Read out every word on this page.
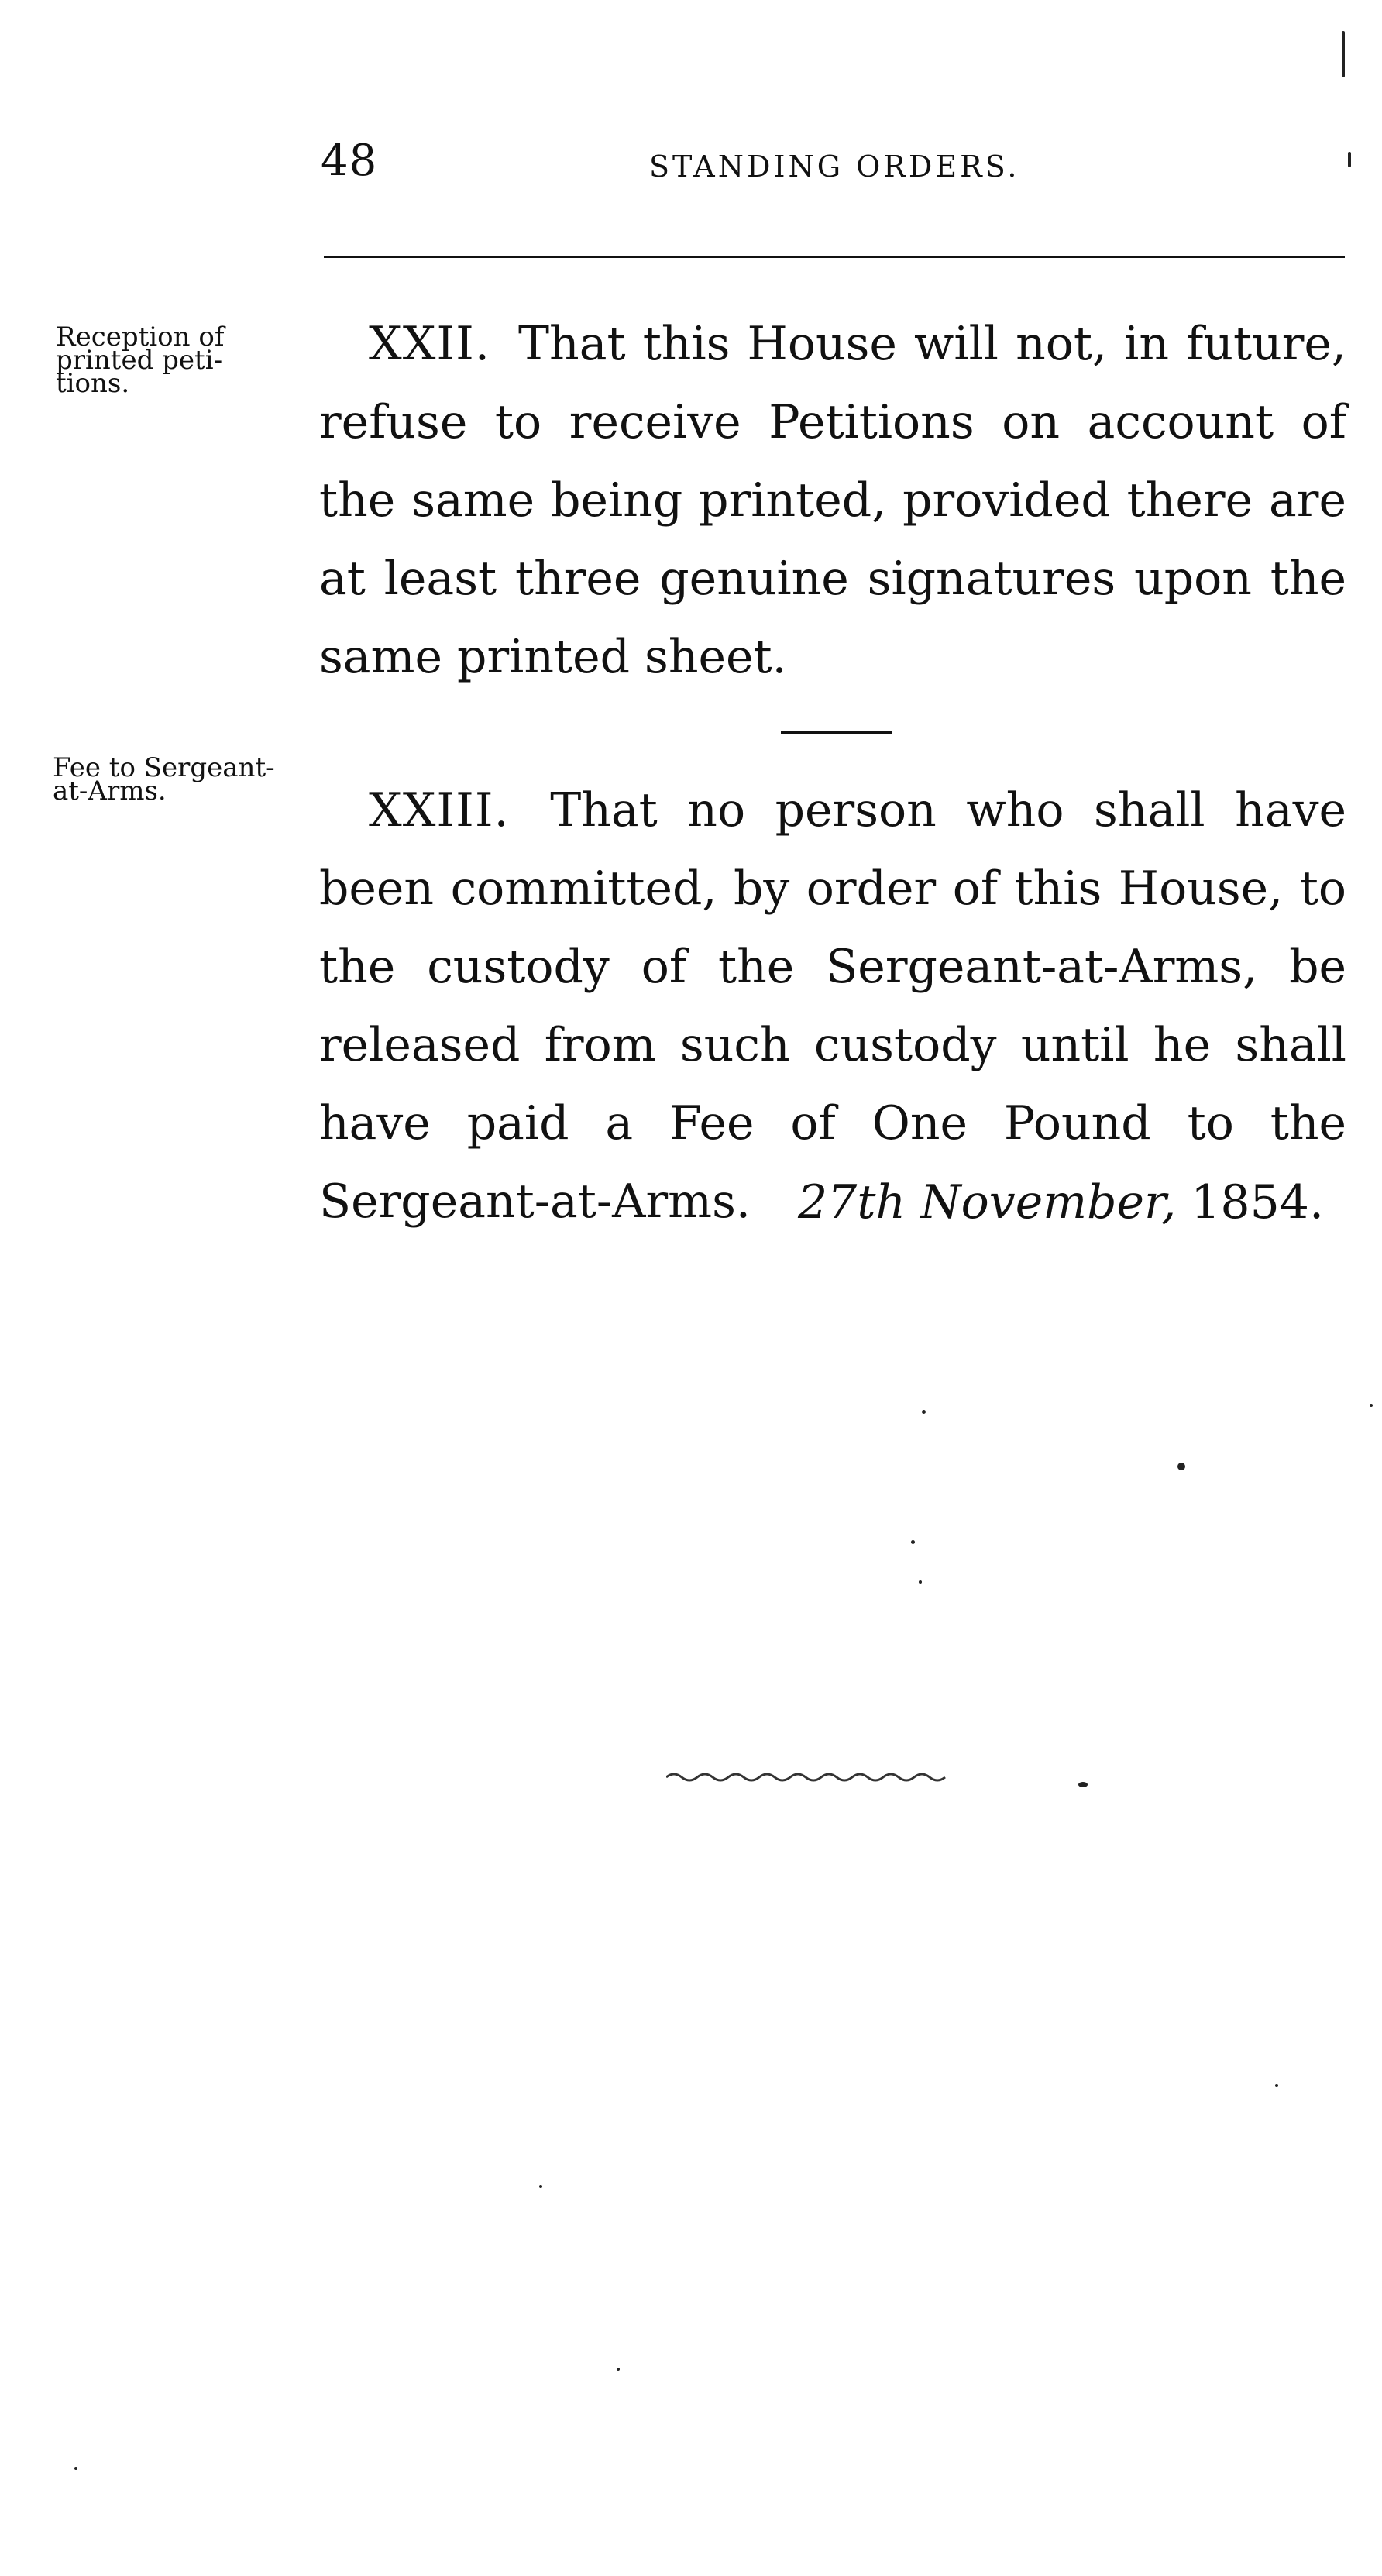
48	STANDING ORDERS.
Reception of
printed peti-
tions.

XXII. That this House will not, in future, refuse to receive Petitions on account of the same being printed, provided there are at least three genuine signatures upon the same printed sheet.

Fee to Sergeant-
at-Arms.	XXIII. That no person who shall have been committed, by order of this House, to the custody of the Sergeant-at-Arms, be released from such custody until he shall have paid a Fee of One Pound to the Sergeant-at-Arms.	27th November, 1854.
